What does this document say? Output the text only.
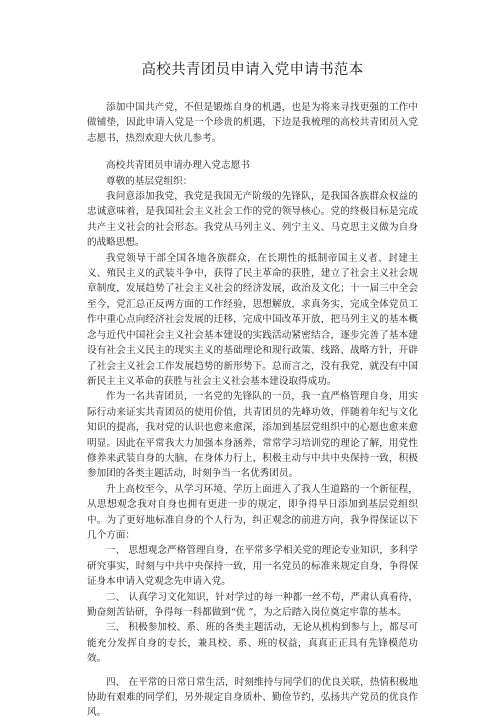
高校共青团员申请入党申请书范本

添加中国共产党，不但是锻炼自身的机遇，也是为将来寻找更强的工作中做铺垫，因此申请入党是一个珍贵的机遇，下边是我梳理的高校共青团员入党志愿书，热烈欢迎大伙儿参考。

高校共青团员申请办理入党志愿书

尊敬的基层党组织：

我问意添加我党，我党是我国无产阶级的先锋队，是我国各族群众权益的忠诚意味着，是我国社会主义社会工作的党的领导核心。党的终极目标是完成共产主义社会的社会形态。我党从马列主义、列宁主义、马克思主义做为自身的战略思想。

我党领导干部全国各地各族群众，在长期性的抵制帝国主义者、封建主义、殖民主义的武装斗争中，获得了民主革命的获胜，建立了社会主义社会规章制度，发展趋势了社会主义社会的经济发展，政治及文化；十一届三中全会至今，党汇总正反两方面的工作经验，思想解放，求真务实，完成全体党员工作中重心点向经济社会发展的迁移，完成中国改革开放，把马列主义的基本概念与近代中国社会主义社会基本建设的实践活动紧密结合，逐步完善了基本建设有社会主义民主的现实主义的基础理论和现行政策、线路、战略方针，开辟了社会主义社会工作发展趋势的新形势下。总而言之，没有我党，就没有中国新民主主义革命的获胜与社会主义社会基本建设取得成功。

作为一名共青团员，一名党的先锋队的一员，我一直严格管理自身，用实际行动来证实共青团员的使用价值，共青团员的先峰功效，伴随着年纪与文化知识的提高，我对党的认识也愈来愈深，添加到基层党组织中的心愿也愈来愈明显。因此在平常我大力加强本身涵养，常常学习培训党的理论了解，用党性修养来武装自身的大脑，在身体力行上，积极主动与中共中央保持一致，积极参加团的各类主题活动，时刻争当一名优秀团员。

升上高校至今，从学习环境、学历上面进入了我人生道路的一个新征程，从思想观念我对自身也拥有更进一步的规定，即争得早日添加到基层党组织中。为了更好地标准自身的个人行为，纠正观念的前进方向，我争得保证以下几个方面：

一、 思想观念严格管理自身，在平常多学相关党的理论专业知识，多科学研究事实，时刻与中共中央保持一致，用一名党员的标准来规定自身，争得保证身本申请入党观念先申请入党。

二、 认真学习文化知识，针对学过的每一种都一丝不苟，严肃认真看待，勤奋刻苦钻研，争得每一科都做到“优 ”，为之后踏入岗位奠定牢靠的基本。

三、 积极参加校、系、班的各类主题活动，无论从机构到参与上，都尽可能充分发挥自身的专长，兼具校、系、班的权益，真真正正具有先锋模范功效。

四、 在平常的日常日常生活，时刻维持与同学们的优良关联，热情积极地协助有艰难的同学们，另外规定自身质朴、勤俭节约，弘扬共产党员的优良作风。
